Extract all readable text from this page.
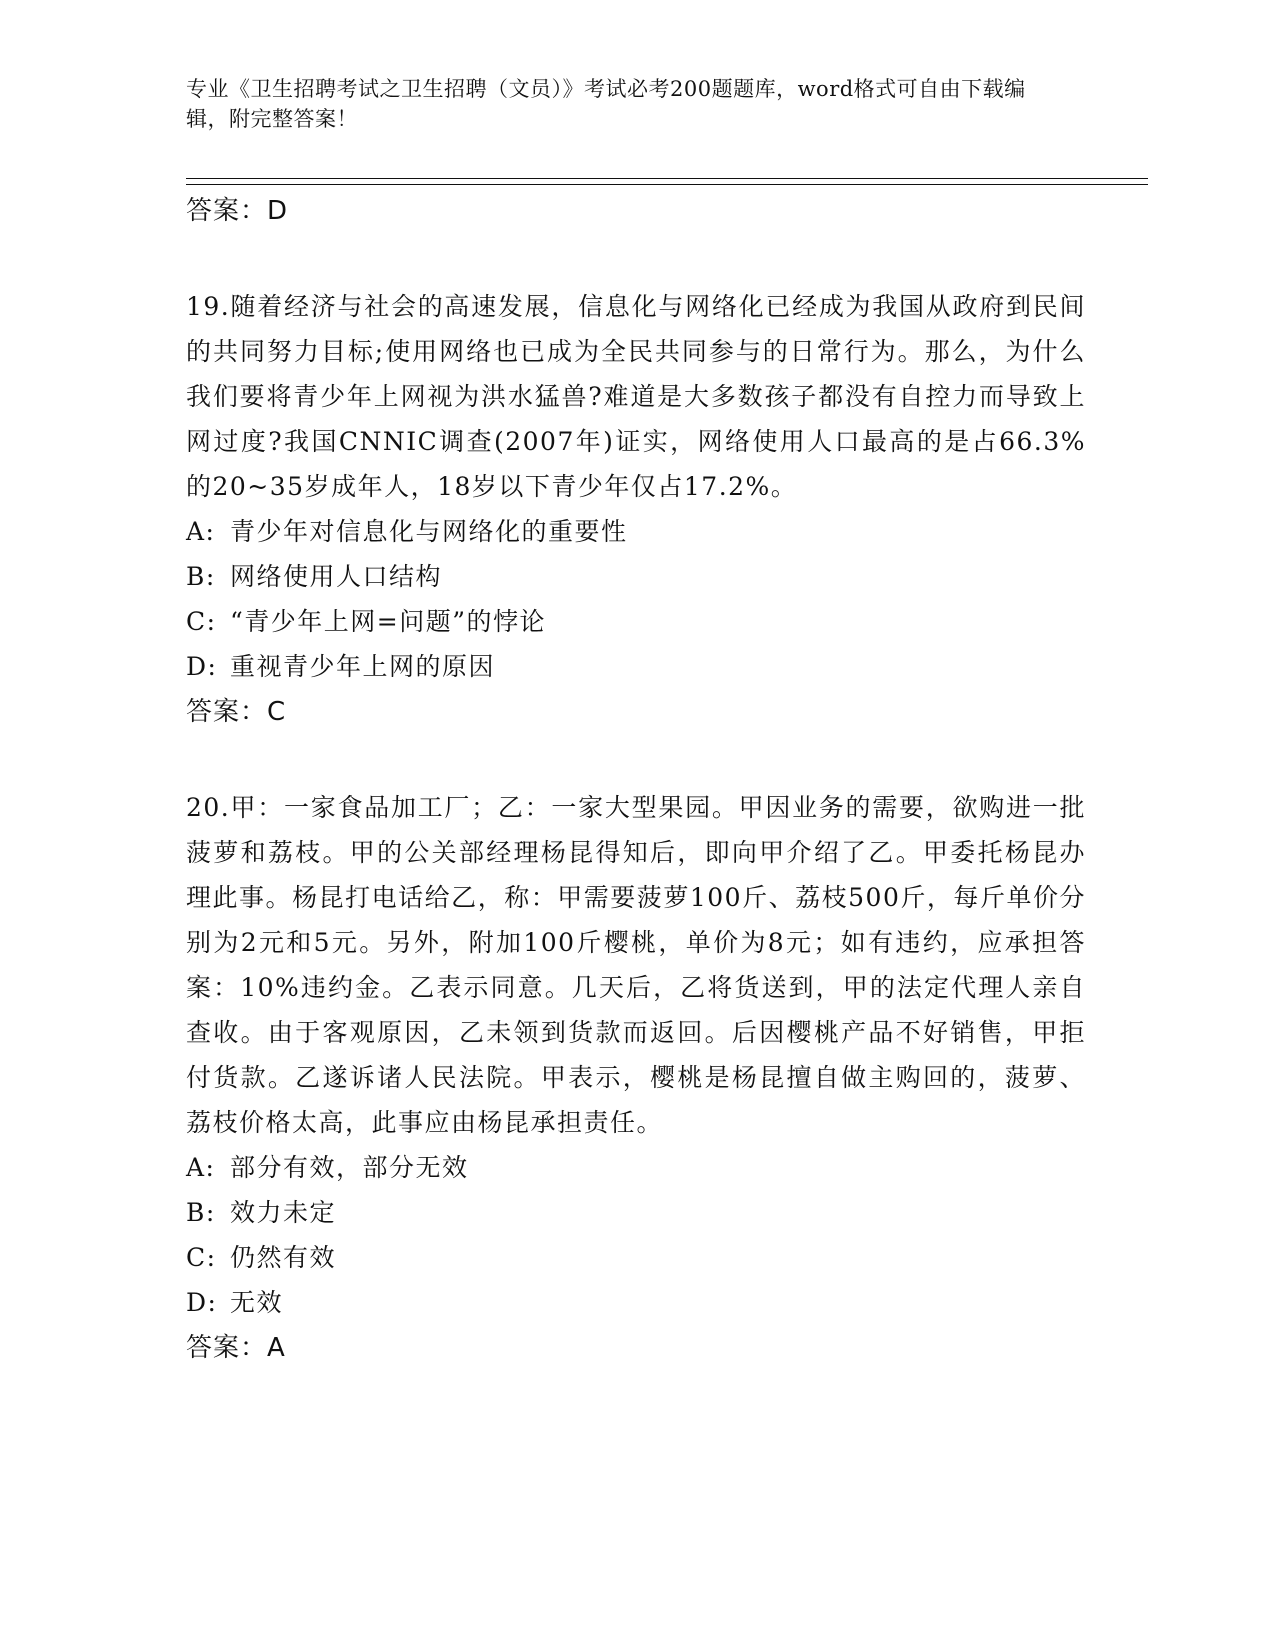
专业《卫生招聘考试之卫生招聘（文员）》考试必考200题题库，word格式可自由下载编辑，附完整答案！
答案：D
19.随着经济与社会的高速发展，信息化与网络化已经成为我国从政府到民间的共同努力目标;使用网络也已成为全民共同参与的日常行为。那么，为什么我们要将青少年上网视为洪水猛兽?难道是大多数孩子都没有自控力而导致上网过度?我国CNNIC调查(2007年)证实，网络使用人口最高的是占66.3%的20~35岁成年人，18岁以下青少年仅占17.2%。
A: 青少年对信息化与网络化的重要性
B: 网络使用人口结构
C: “青少年上网=问题”的悖论
D: 重视青少年上网的原因
答案：C
20.甲：一家食品加工厂；乙：一家大型果园。甲因业务的需要，欲购进一批菠萝和荔枝。甲的公关部经理杨昆得知后，即向甲介绍了乙。甲委托杨昆办理此事。杨昆打电话给乙，称：甲需要菠萝100斤、荔枝500斤，每斤单价分别为2元和5元。另外，附加100斤樱桃，单价为8元；如有违约，应承担答案：10%违约金。乙表示同意。几天后，乙将货送到，甲的法定代理人亲自查收。由于客观原因，乙未领到货款而返回。后因樱桃产品不好销售，甲拒付货款。乙遂诉诸人民法院。甲表示，樱桃是杨昆擅自做主购回的，菠萝、荔枝价格太高，此事应由杨昆承担责任。
A: 部分有效，部分无效
B: 效力未定
C: 仍然有效
D: 无效
答案：A
